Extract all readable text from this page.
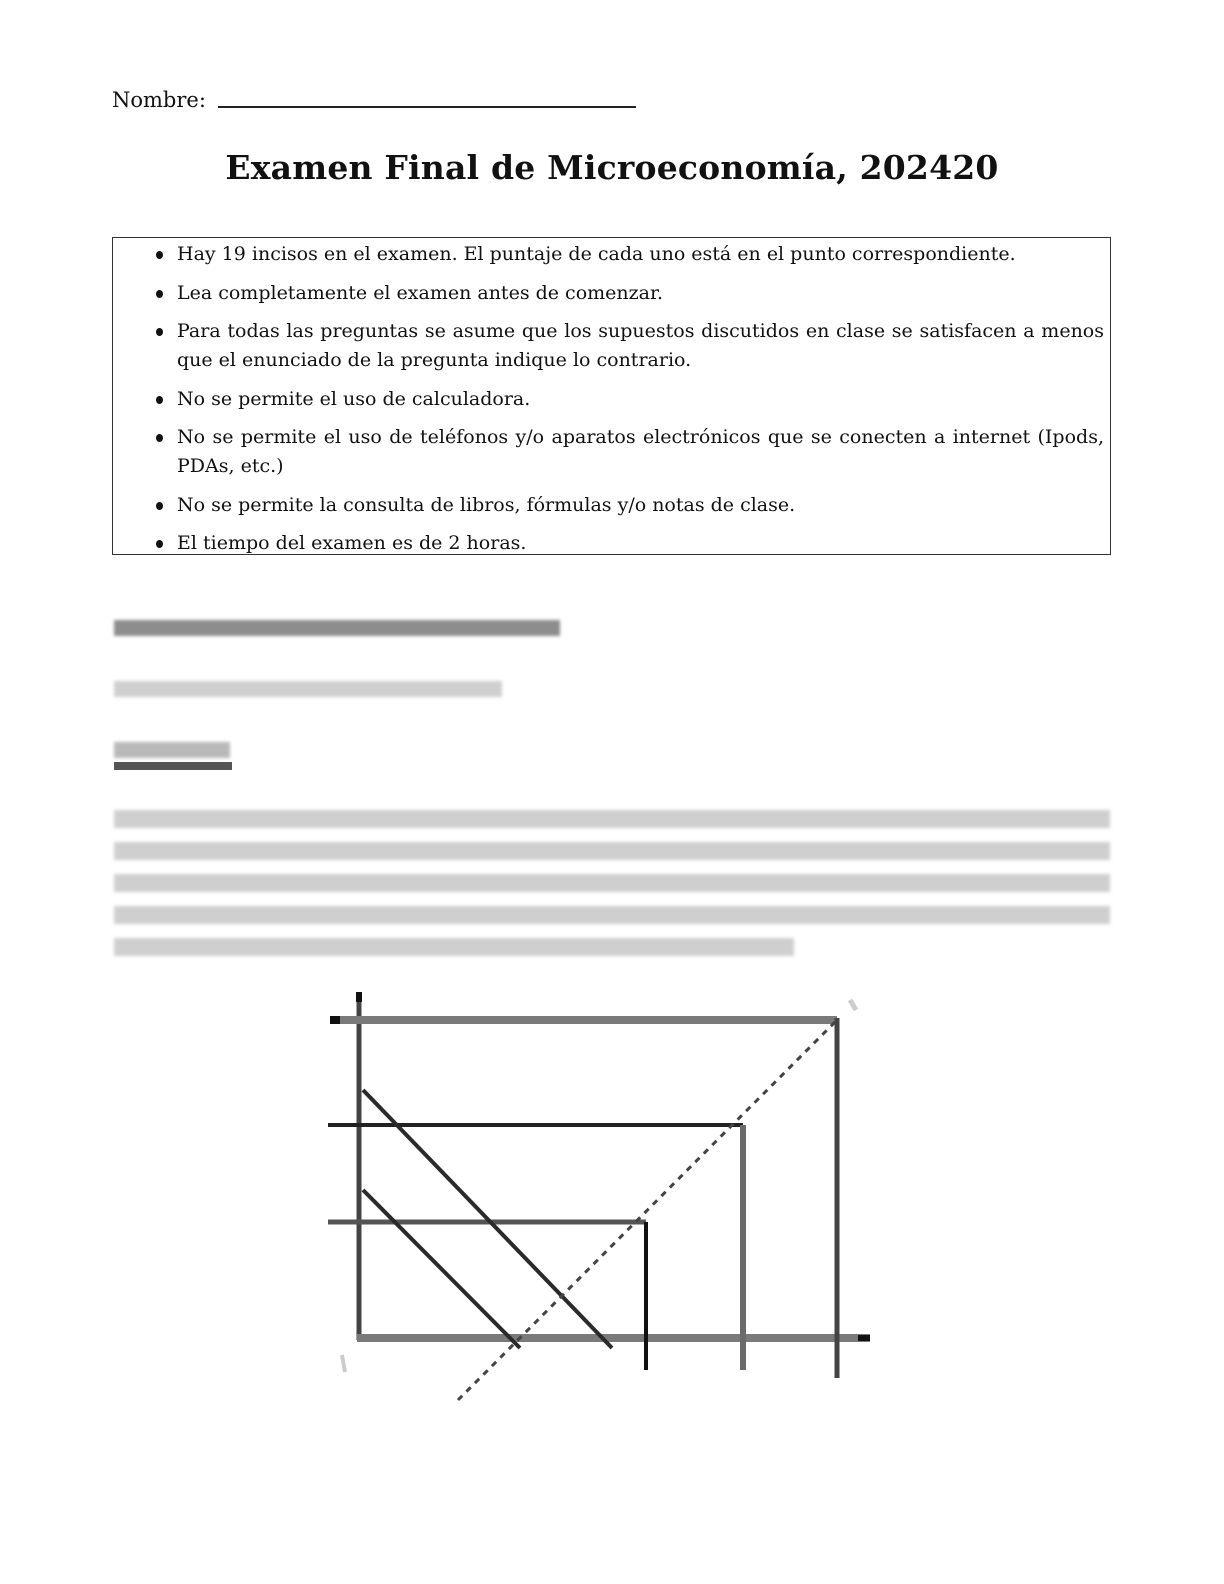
Nombre:
Examen Final de Microeconomía, 202420
Hay 19 incisos en el examen. El puntaje de cada uno está en el punto correspondiente.
Lea completamente el examen antes de comenzar.
Para todas las preguntas se asume que los supuestos discutidos en clase se satisfacen a menos que el enunciado de la pregunta indique lo contrario.
No se permite el uso de calculadora.
No se permite el uso de teléfonos y/o aparatos electrónicos que se conecten a internet (Ipods, PDAs, etc.)
No se permite la consulta de libros, fórmulas y/o notas de clase.
El tiempo del examen es de 2 horas.
